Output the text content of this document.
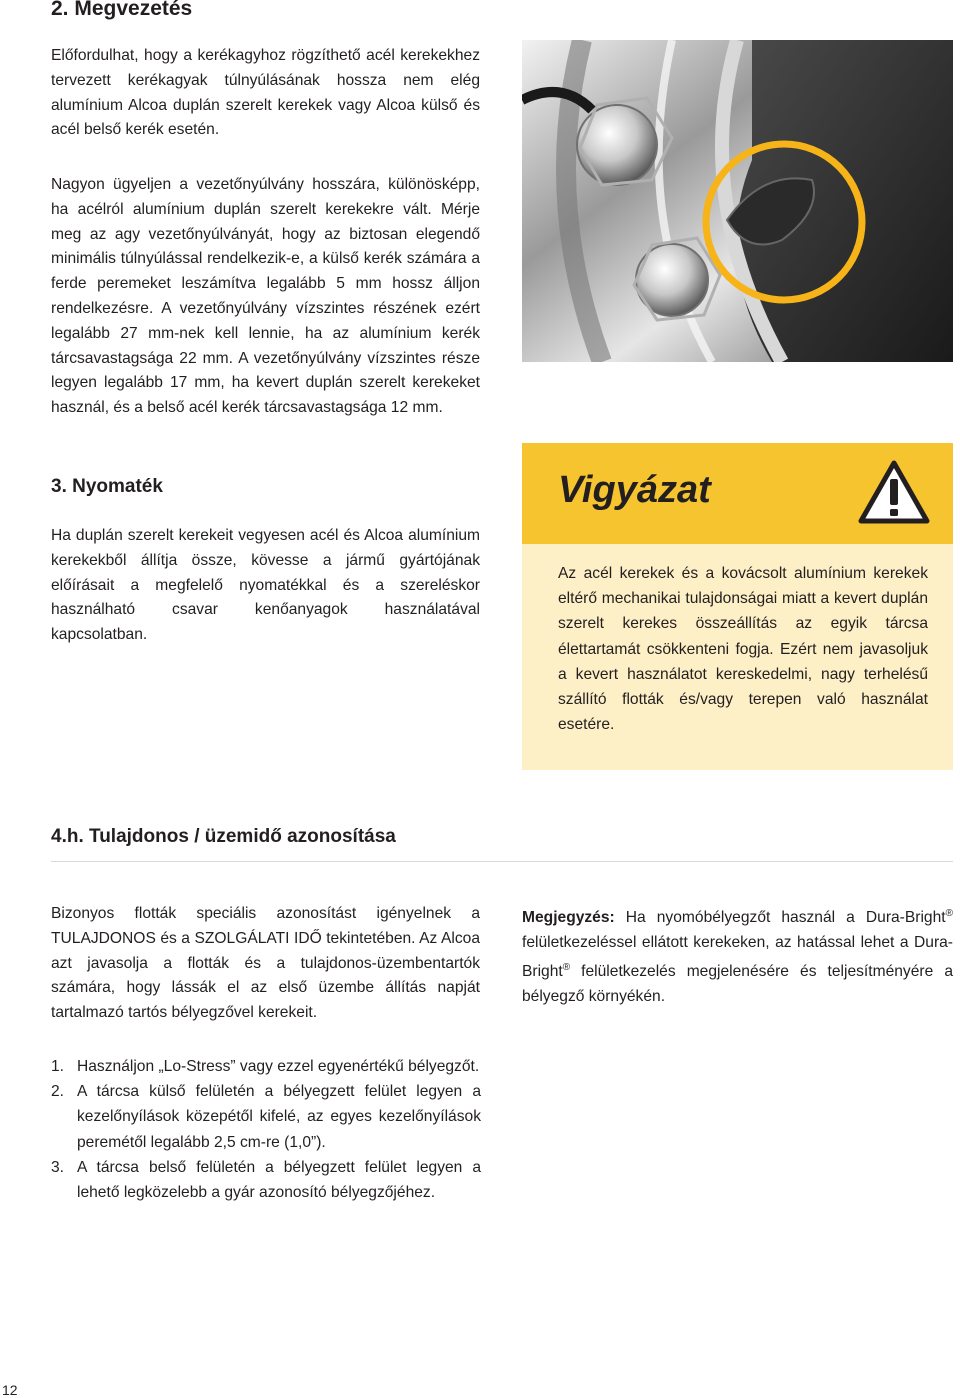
2. Megvezetés

Előfordulhat, hogy a kerékagyhoz rögzíthető acél kerekekhez tervezett kerékagyak túlnyúlásának hossza nem elég alumínium Alcoa duplán szerelt kerekek vagy Alcoa külső és acél belső kerék esetén.

Nagyon ügyeljen a vezetőnyúlvány hosszára, különösképp, ha acélról alumínium duplán szerelt kerekekre vált. Mérje meg az agy vezetőnyúlványát, hogy az biztosan elegendő minimális túlnyúlással rendelkezik-e, a külső kerék számára a ferde peremeket leszámítva legalább 5 mm hossz álljon rendelkezésre. A vezetőnyúlvány vízszintes részének ezért legalább 27 mm-nek kell lennie, ha az alumínium kerék tárcsavastagsága 22 mm. A vezetőnyúlvány vízszintes része legyen legalább 17 mm, ha kevert duplán szerelt kerekeket használ, és a belső acél kerék tárcsavastagsága 12 mm.

3. Nyomaték

Ha duplán szerelt kerekeit vegyesen acél és Alcoa alumínium kerekekből állítja össze, kövesse a jármű gyártójának előírásait a megfelelő nyomatékkal és a szereléskor használható csavar kenőanyagok használatával kapcsolatban.

Vigyázat

Az acél kerekek és a kovácsolt alumínium kerekek eltérő mechanikai tulajdonságai miatt a kevert duplán szerelt kerekes összeállítás az egyik tárcsa élettartamát csökkenteni fogja. Ezért nem javasoljuk a kevert használatot kereskedelmi, nagy terhelésű szállító flották és/vagy terepen való használat esetére.

4.h. Tulajdonos / üzemidő azonosítása

Bizonyos flották speciális azonosítást igényelnek a TULAJDONOS és a SZOLGÁLATI IDŐ tekintetében. Az Alcoa azt javasolja a flották és a tulajdonos-üzembentartók számára, hogy lássák el az első üzembe állítás napját tartalmazó tartós bélyegzővel kerekeit.

Megjegyzés: Ha nyomóbélyegzőt használ a Dura-Bright® felületkezeléssel ellátott kerekeken, az hatással lehet a Dura-Bright® felületkezelés megjelenésére és teljesítményére a bélyegző környékén.

1. Használjon „Lo-Stress” vagy ezzel egyenértékű bélyegzőt.
2. A tárcsa külső felületén a bélyegzett felület legyen a kezelőnyílások közepétől kifelé, az egyes kezelőnyílások peremétől legalább 2,5 cm-re (1,0”).
3. A tárcsa belső felületén a bélyegzett felület legyen a lehető legközelebb a gyár azonosító bélyegzőjéhez.

12
